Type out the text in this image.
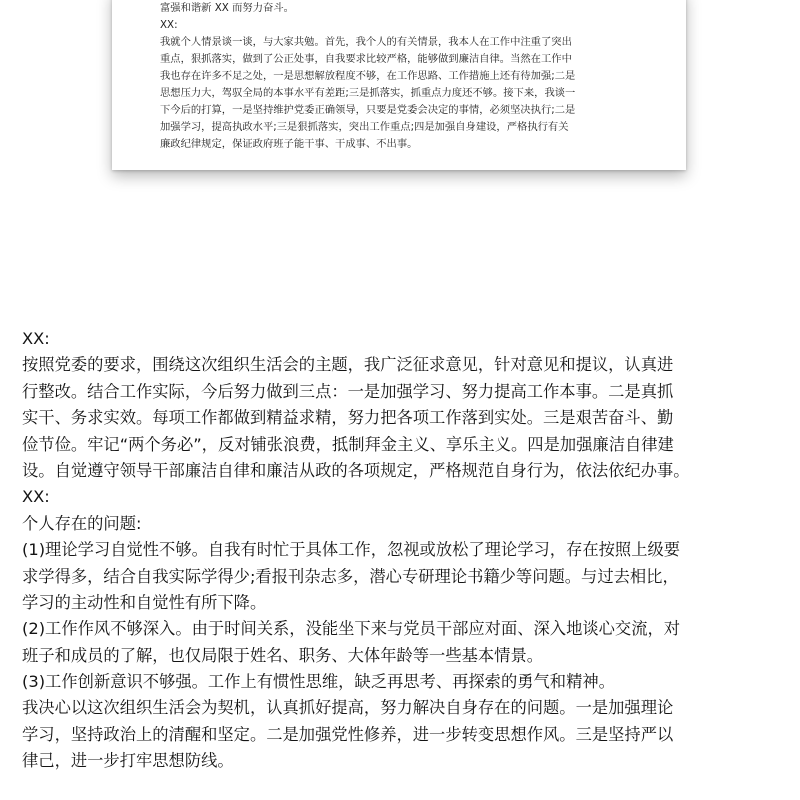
富强和谐新 XX 而努力奋斗。
XX:
我就个人情景谈一谈，与大家共勉。首先，我个人的有关情景，我本人在工作中注重了突出
重点，狠抓落实，做到了公正处事，自我要求比较严格，能够做到廉洁自律。当然在工作中
我也存在许多不足之处，一是思想解放程度不够，在工作思路、工作措施上还有待加强;二是
思想压力大，驾驭全局的本事水平有差距;三是抓落实，抓重点力度还不够。接下来，我谈一
下今后的打算，一是坚持维护党委正确领导，只要是党委会决定的事情，必须坚决执行;二是
加强学习，提高执政水平;三是狠抓落实，突出工作重点;四是加强自身建设，严格执行有关
廉政纪律规定，保证政府班子能干事、干成事、不出事。
XX:
按照党委的要求，围绕这次组织生活会的主题，我广泛征求意见，针对意见和提议，认真进
行整改。结合工作实际，今后努力做到三点：一是加强学习、努力提高工作本事。二是真抓
实干、务求实效。每项工作都做到精益求精，努力把各项工作落到实处。三是艰苦奋斗、勤
俭节俭。牢记“两个务必”，反对铺张浪费，抵制拜金主义、享乐主义。四是加强廉洁自律建
设。自觉遵守领导干部廉洁自律和廉洁从政的各项规定，严格规范自身行为，依法依纪办事。
XX:
个人存在的问题:
(1)理论学习自觉性不够。自我有时忙于具体工作，忽视或放松了理论学习，存在按照上级要
求学得多，结合自我实际学得少;看报刊杂志多，潜心专研理论书籍少等问题。与过去相比，
学习的主动性和自觉性有所下降。
(2)工作作风不够深入。由于时间关系，没能坐下来与党员干部应对面、深入地谈心交流，对
班子和成员的了解，也仅局限于姓名、职务、大体年龄等一些基本情景。
(3)工作创新意识不够强。工作上有惯性思维，缺乏再思考、再探索的勇气和精神。
我决心以这次组织生活会为契机，认真抓好提高，努力解决自身存在的问题。一是加强理论
学习，坚持政治上的清醒和坚定。二是加强党性修养，进一步转变思想作风。三是坚持严以
律己，进一步打牢思想防线。
